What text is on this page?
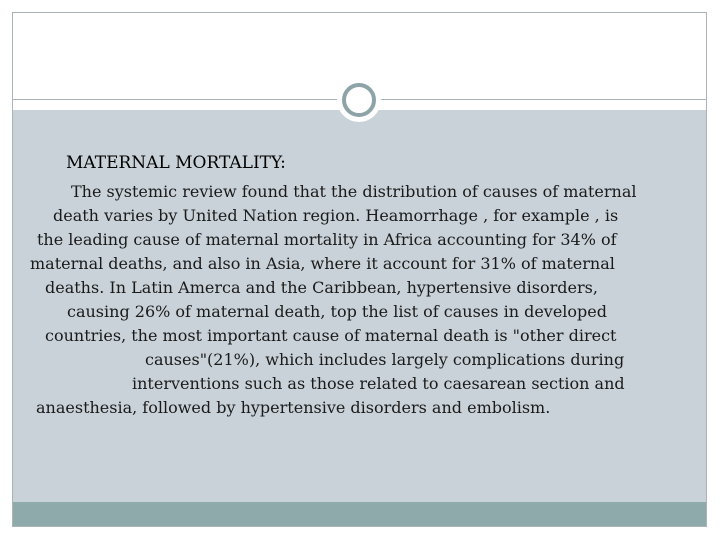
MATERNAL MORTALITY:

The systemic review found that the distribution of causes of maternal
death varies by United Nation region. Heamorrhage , for example , is
the leading cause of maternal mortality in Africa accounting for 34% of
maternal deaths, and also in Asia, where it account for 31% of maternal
deaths. In Latin Amerca and the Caribbean, hypertensive disorders,
causing 26% of maternal death, top the list of causes in developed
countries, the most important cause of maternal death is "other direct
causes"(21%), which includes largely complications during
interventions such as those related to caesarean section and
anaesthesia, followed by hypertensive disorders and embolism.
